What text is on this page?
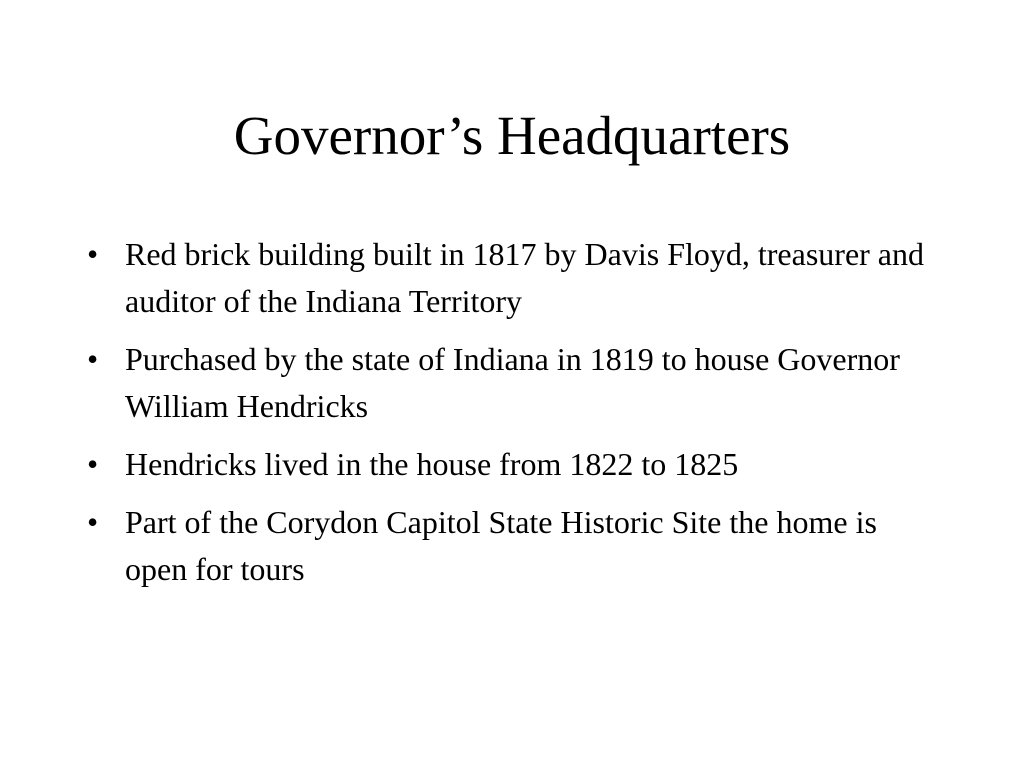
Governor’s Headquarters
• Red brick building built in 1817 by Davis Floyd, treasurer and auditor of the Indiana Territory
• Purchased by the state of Indiana in 1819 to house Governor William Hendricks
• Hendricks lived in the house from 1822 to 1825
• Part of the Corydon Capitol State Historic Site the home is open for tours
